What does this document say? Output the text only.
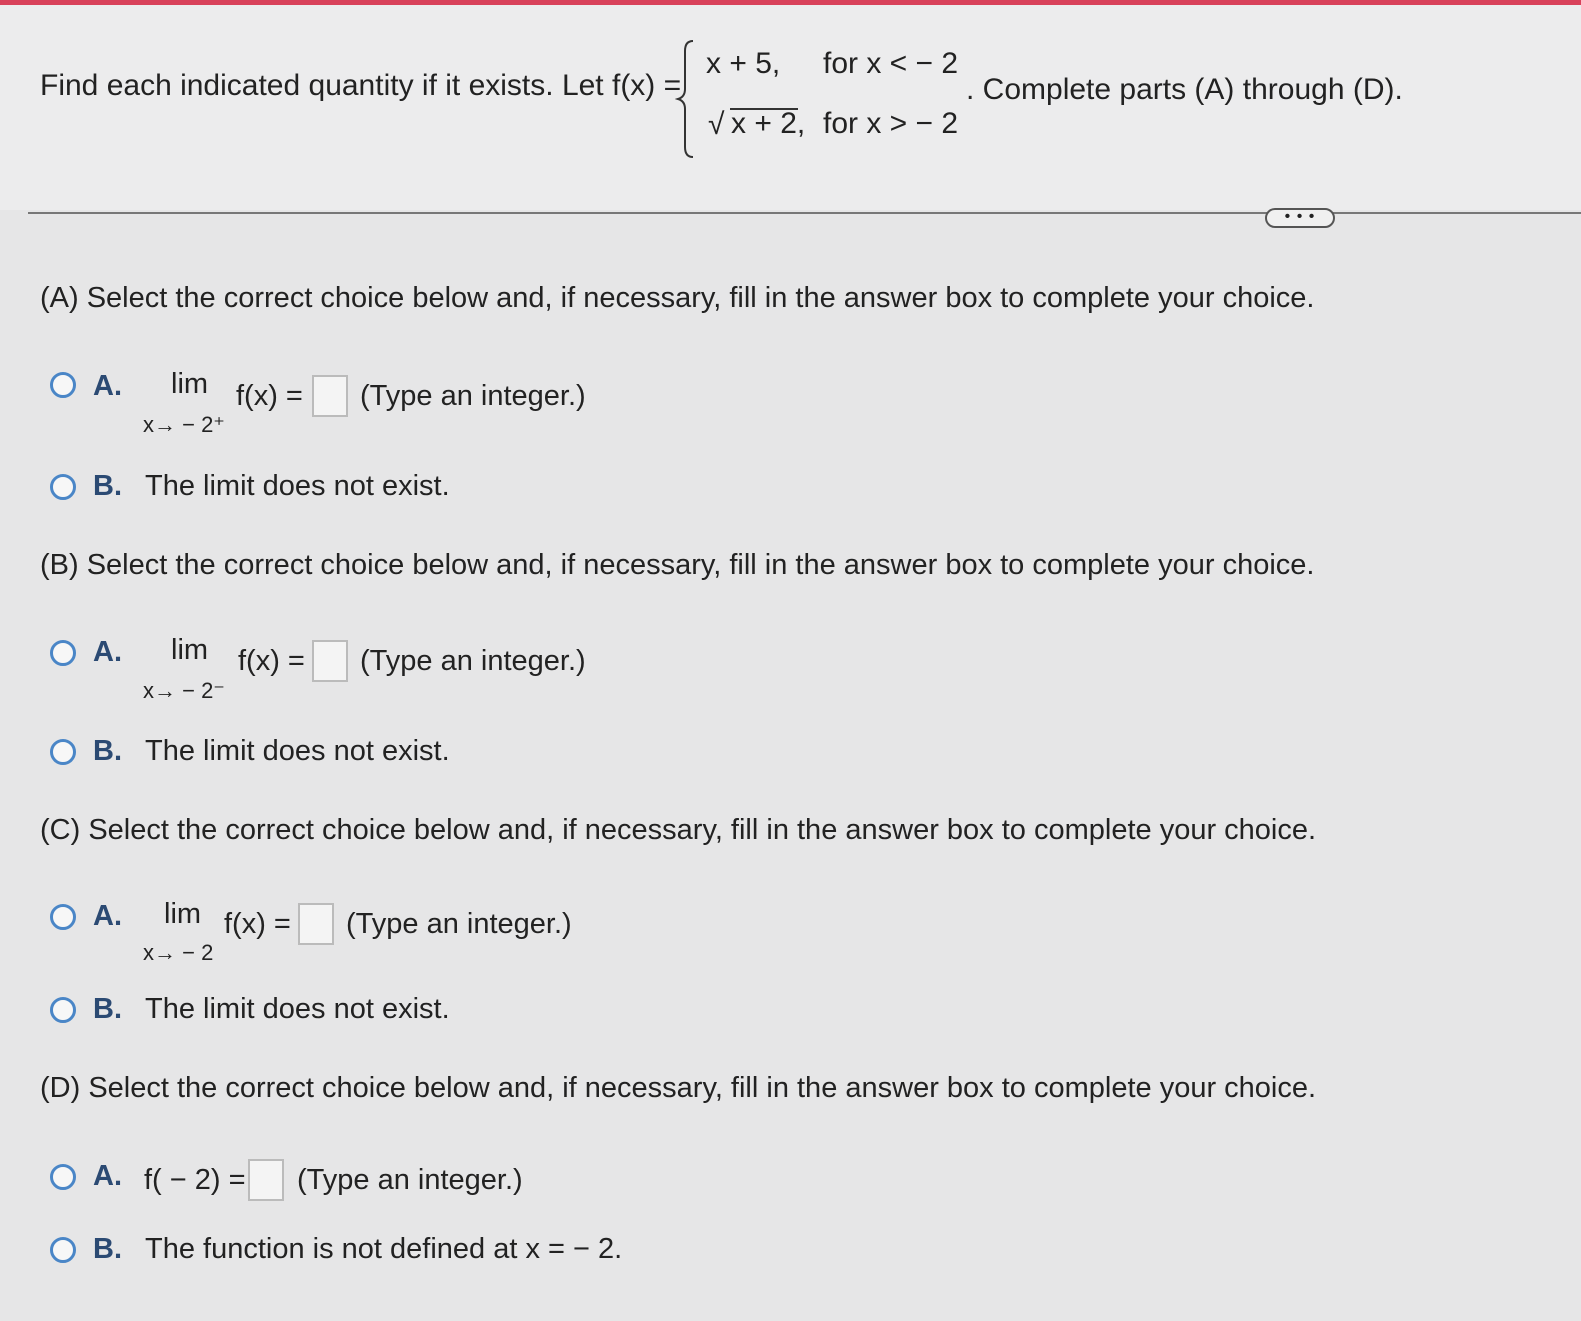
Find each indicated quantity if it exists. Let f(x) =
x + 5, for x < − 2
√ x + 2, for x > − 2
. Complete parts (A) through (D).
• • •
(A) Select the correct choice below and, if necessary, fill in the answer box to complete your choice.
A. lim
x→ − 2⁺
f(x) = (Type an integer.)
B. The limit does not exist.
(B) Select the correct choice below and, if necessary, fill in the answer box to complete your choice.
A. lim
x→ − 2⁻
f(x) = (Type an integer.)
B. The limit does not exist.
(C) Select the correct choice below and, if necessary, fill in the answer box to complete your choice.
A. lim
x→ − 2
f(x) = (Type an integer.)
B. The limit does not exist.
(D) Select the correct choice below and, if necessary, fill in the answer box to complete your choice.
A. f( − 2) = (Type an integer.)
B. The function is not defined at x = − 2.
